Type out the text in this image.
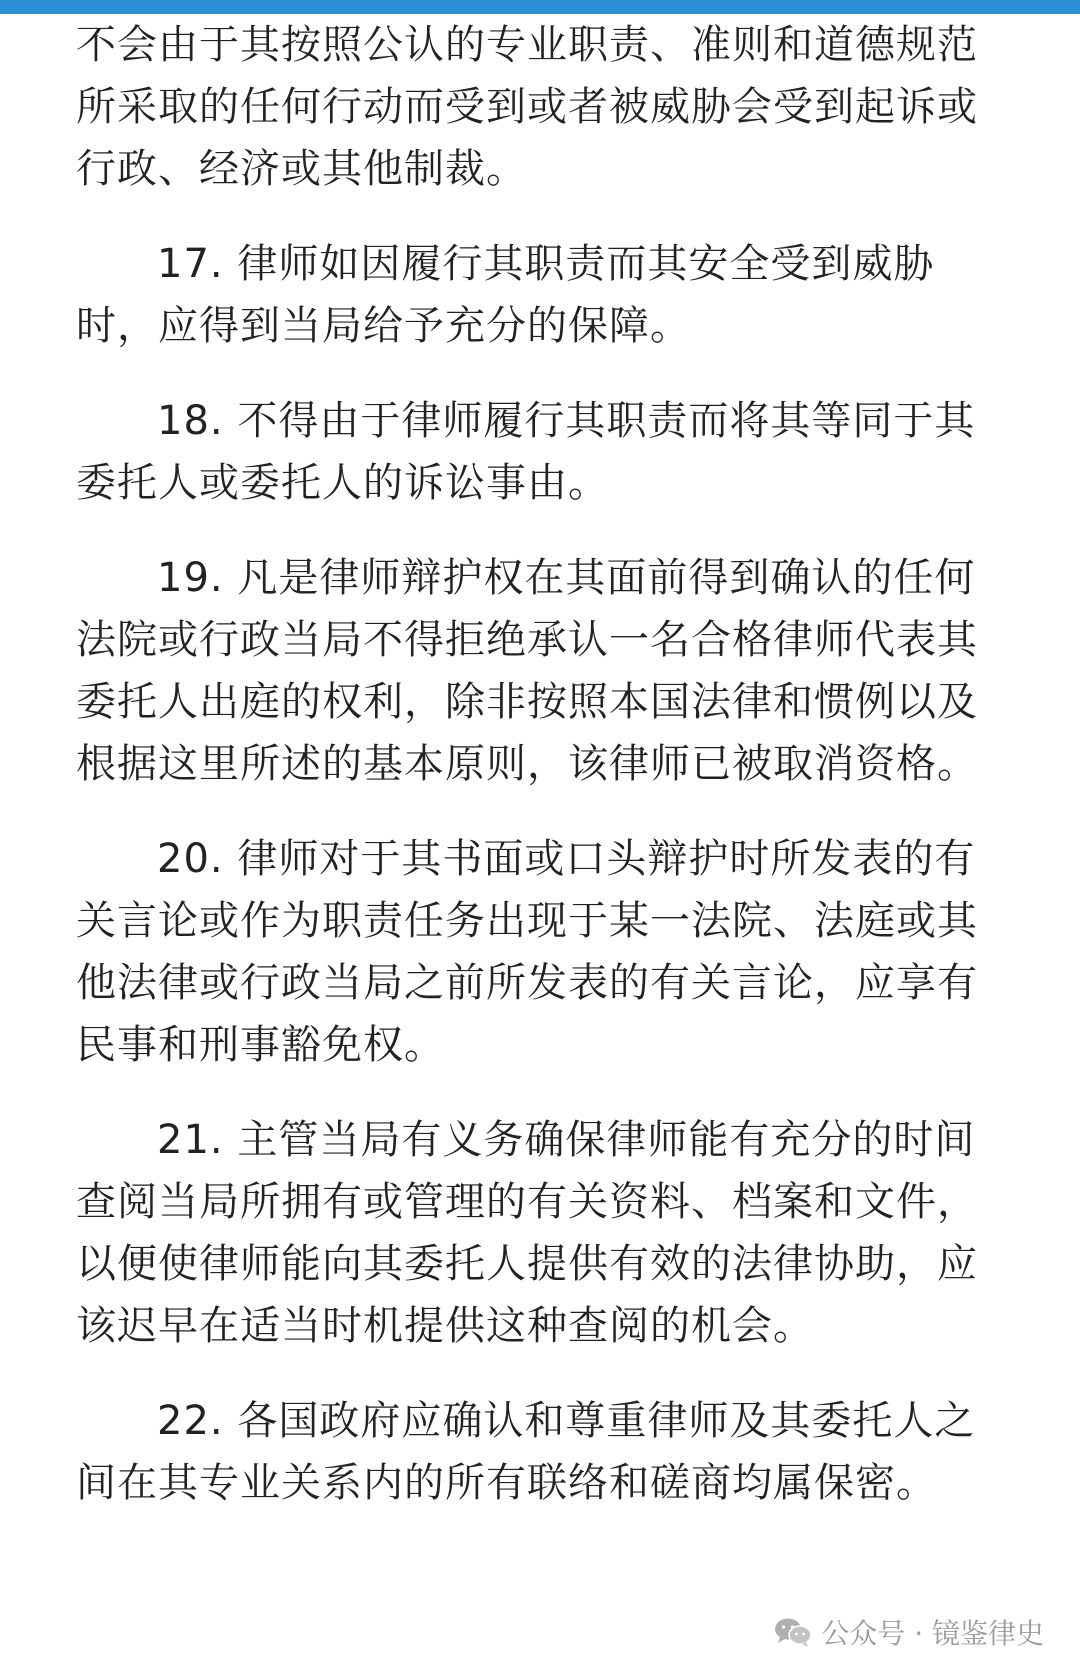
不会由于其按照公认的专业职责、准则和道德规范所采取的任何行动而受到或者被威胁会受到起诉或行政、经济或其他制裁。

17. 律师如因履行其职责而其安全受到威胁时，应得到当局给予充分的保障。

18. 不得由于律师履行其职责而将其等同于其委托人或委托人的诉讼事由。

19. 凡是律师辩护权在其面前得到确认的任何法院或行政当局不得拒绝承认一名合格律师代表其委托人出庭的权利，除非按照本国法律和惯例以及根据这里所述的基本原则，该律师已被取消资格。

20. 律师对于其书面或口头辩护时所发表的有关言论或作为职责任务出现于某一法院、法庭或其他法律或行政当局之前所发表的有关言论，应享有民事和刑事豁免权。

21. 主管当局有义务确保律师能有充分的时间查阅当局所拥有或管理的有关资料、档案和文件，以便使律师能向其委托人提供有效的法律协助，应该迟早在适当时机提供这种查阅的机会。

22. 各国政府应确认和尊重律师及其委托人之间在其专业关系内的所有联络和磋商均属保密。

公众号 · 镜鉴律史
